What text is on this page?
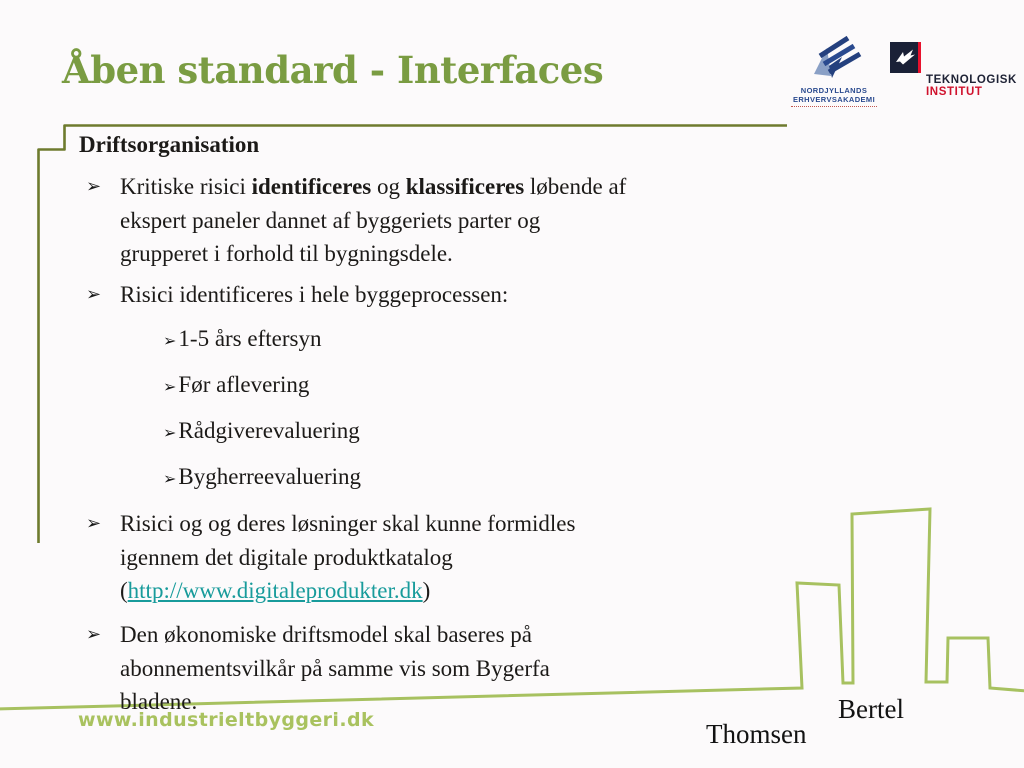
Åben standard - Interfaces	NORDJYLLANDS
ERHVERVSAKADEMI
TEKNOLOGISK
INSTITUT
Driftsorganisation
➢ Kritiske risici identificeres og klassificeres løbende af
ekspert paneler dannet af byggeriets parter og
grupperet i forhold til bygningsdele.
➢ Risici identificeres i hele byggeprocessen:
➢1-5 års eftersyn
➢Før aflevering
➢Rådgiverevaluering
➢Bygherreevaluering
➢ Risici og og deres løsninger skal kunne formidles
igennem det digitale produktkatalog
(http://www.digitaleprodukter.dk)
➢ Den økonomiske driftsmodel skal baseres på
abonnementsvilkår på samme vis som Bygerfa
bladene.
www.industrieltbyggeri.dk	Bertel
Thomsen
